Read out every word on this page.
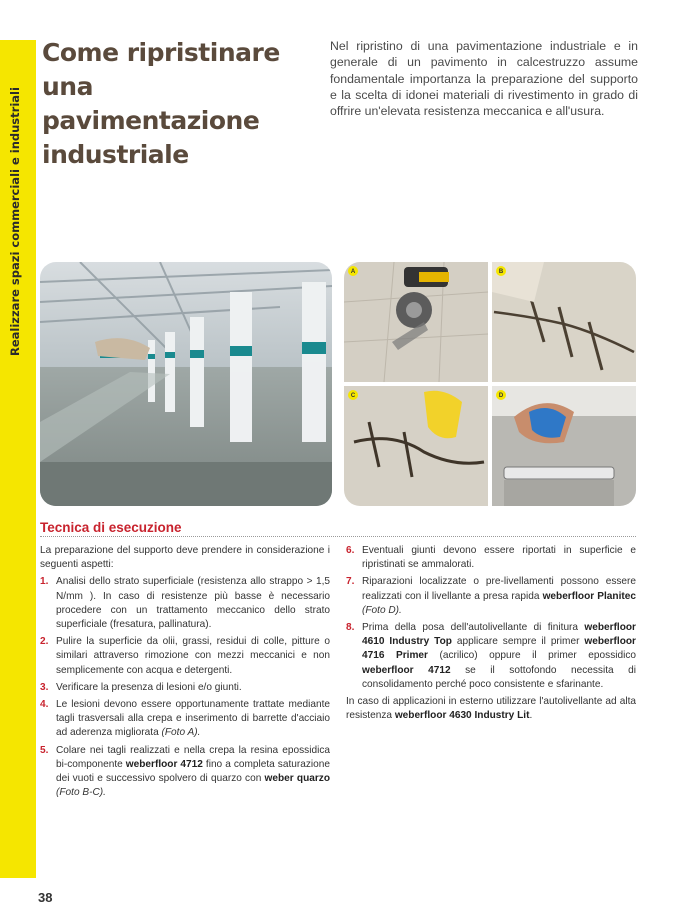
Realizzare spazi commerciali e industriali
Come ripristinare
una pavimentazione
industriale
Nel ripristino di una pavimentazione industriale e in generale di un pavimento in calcestruzzo assume fondamentale importanza la preparazione del supporto e la scelta di idonei materiali di rivestimento in grado di offrire un'elevata resistenza meccanica e all'usura.
A	B
C	D
Tecnica di esecuzione

La preparazione del supporto deve prendere in considerazione i seguenti aspetti:

1. Analisi dello strato superficiale (resistenza allo strappo > 1,5 N/mm ). In caso di resistenze più basse è necessario procedere con un trattamento meccanico dello strato superficiale (fresatura, pallinatura).
2. Pulire la superficie da olii, grassi, residui di colle, pitture o similari attraverso rimozione con mezzi meccanici e non semplicemente con acqua e detergenti.
3. Verificare la presenza di lesioni e/o giunti.
4. Le lesioni devono essere opportunamente trattate mediante tagli trasversali alla crepa e inserimento di barrette d'acciaio ad aderenza migliorata (Foto A).
5. Colare nei tagli realizzati e nella crepa la resina epossidica bi-componente weberfloor 4712 fino a completa saturazione dei vuoti e successivo spolvero di quarzo con weber quarzo (Foto B-C).
6. Eventuali giunti devono essere riportati in superficie e ripristinati se ammalorati.
7. Riparazioni localizzate o pre-livellamenti possono essere realizzati con il livellante a presa rapida weberfloor Planitec (Foto D).
8. Prima della posa dell'autolivellante di finitura weberfloor 4610 Industry Top applicare sempre il primer weberfloor 4716 Primer (acrilico) oppure il primer epossidico weberfloor 4712 se il sottofondo necessita di consolidamento perché poco consistente e sfarinante.

In caso di applicazioni in esterno utilizzare l'autolivellante ad alta resistenza weberfloor 4630 Industry Lit.

38
